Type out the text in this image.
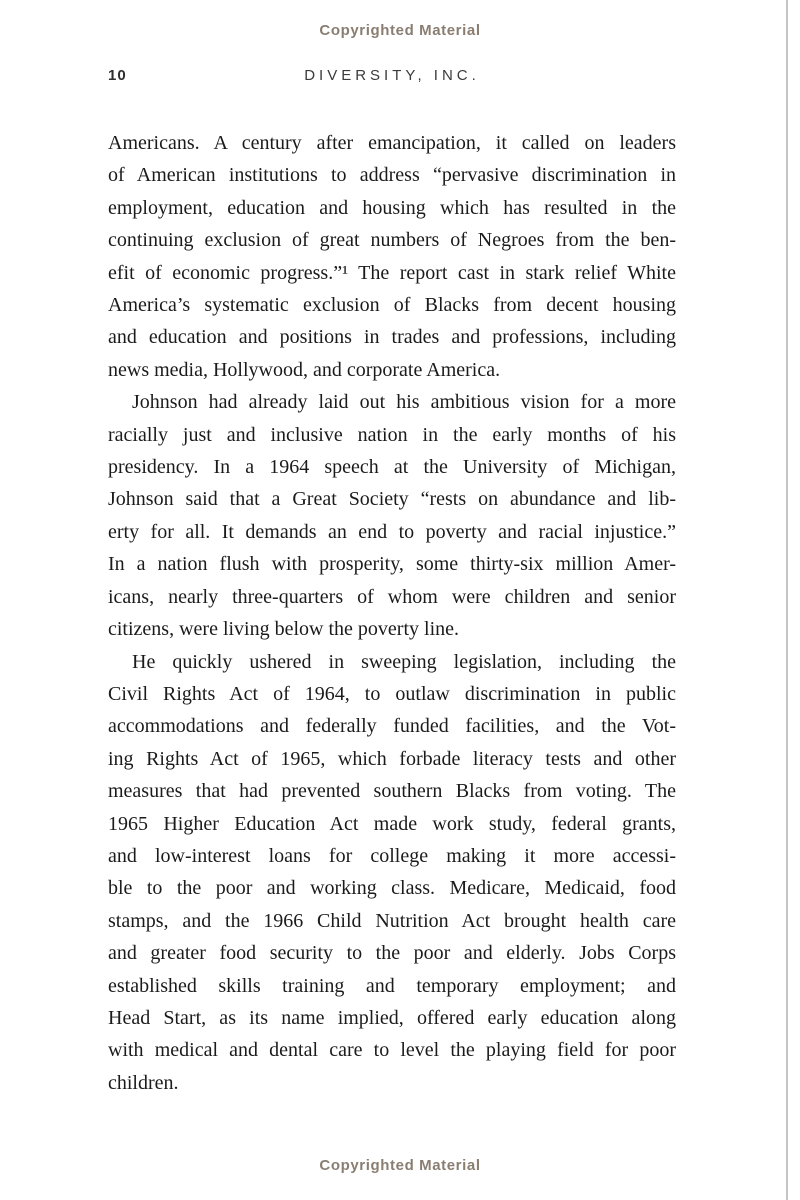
Copyrighted Material
10	DIVERSITY, INC.
Americans. A century after emancipation, it called on leaders
of American institutions to address “pervasive discrimination in
employment, education and housing which has resulted in the
continuing exclusion of great numbers of Negroes from the ben-
efit of economic progress.”¹ The report cast in stark relief White
America’s systematic exclusion of Blacks from decent housing
and education and positions in trades and professions, including
news media, Hollywood, and corporate America.
Johnson had already laid out his ambitious vision for a more
racially just and inclusive nation in the early months of his
presidency. In a 1964 speech at the University of Michigan,
Johnson said that a Great Society “rests on abundance and lib-
erty for all. It demands an end to poverty and racial injustice.”
In a nation flush with prosperity, some thirty-six million Amer-
icans, nearly three-quarters of whom were children and senior
citizens, were living below the poverty line.
He quickly ushered in sweeping legislation, including the
Civil Rights Act of 1964, to outlaw discrimination in public
accommodations and federally funded facilities, and the Vot-
ing Rights Act of 1965, which forbade literacy tests and other
measures that had prevented southern Blacks from voting. The
1965 Higher Education Act made work study, federal grants,
and low-interest loans for college making it more accessi-
ble to the poor and working class. Medicare, Medicaid, food
stamps, and the 1966 Child Nutrition Act brought health care
and greater food security to the poor and elderly. Jobs Corps
established skills training and temporary employment; and
Head Start, as its name implied, offered early education along
with medical and dental care to level the playing field for poor
children.
Copyrighted Material
